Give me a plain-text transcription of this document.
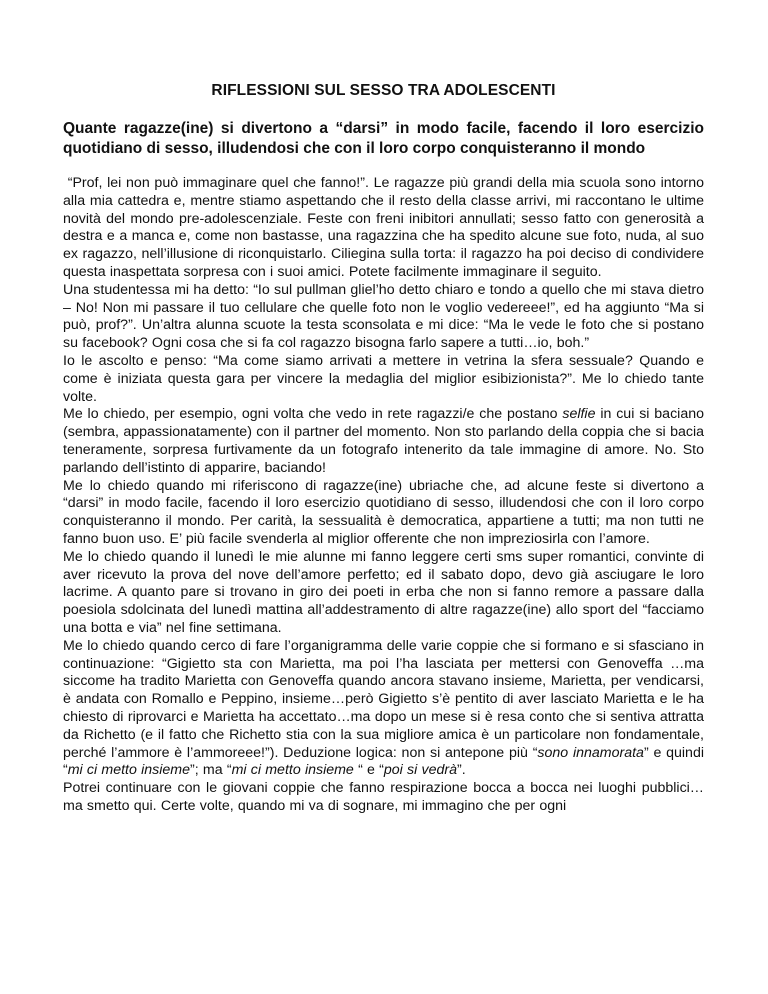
RIFLESSIONI SUL SESSO TRA ADOLESCENTI
Quante ragazze(ine) si divertono a “darsi” in modo facile, facendo il loro esercizio quotidiano di sesso, illudendosi che con il loro corpo conquisteranno il mondo

“Prof, lei non può immaginare quel che fanno!”. Le ragazze più grandi della mia scuola sono intorno alla mia cattedra e, mentre stiamo aspettando che il resto della classe arrivi, mi raccontano le ultime novità del mondo pre-adolescenziale. Feste con freni inibitori annullati; sesso fatto con generosità a destra e a manca e, come non bastasse, una ragazzina che ha spedito alcune sue foto, nuda, al suo ex ragazzo, nell’illusione di riconquistarlo. Ciliegina sulla torta: il ragazzo ha poi deciso di condividere questa inaspettata sorpresa con i suoi amici. Potete facilmente immaginare il seguito.

Una studentessa mi ha detto: “Io sul pullman gliel’ho detto chiaro e tondo a quello che mi stava dietro – No! Non mi passare il tuo cellulare che quelle foto non le voglio vedereee!”, ed ha aggiunto “Ma si può, prof?”. Un’altra alunna scuote la testa sconsolata e mi dice: “Ma le vede le foto che si postano su facebook? Ogni cosa che si fa col ragazzo bisogna farlo sapere a tutti…io, boh.”

Io le ascolto e penso: “Ma come siamo arrivati a mettere in vetrina la sfera sessuale? Quando e come è iniziata questa gara per vincere la medaglia del miglior esibizionista?”. Me lo chiedo tante volte.

Me lo chiedo, per esempio, ogni volta che vedo in rete ragazzi/e che postano selfie in cui si baciano (sembra, appassionatamente) con il partner del momento. Non sto parlando della coppia che si bacia teneramente, sorpresa furtivamente da un fotografo intenerito da tale immagine di amore. No. Sto parlando dell’istinto di apparire, baciando!

Me lo chiedo quando mi riferiscono di ragazze(ine) ubriache che, ad alcune feste si divertono a “darsi” in modo facile, facendo il loro esercizio quotidiano di sesso, illudendosi che con il loro corpo conquisteranno il mondo. Per carità, la sessualità è democratica, appartiene a tutti; ma non tutti ne fanno buon uso. E’ più facile svenderla al miglior offerente che non impreziosirla con l’amore.

Me lo chiedo quando il lunedì le mie alunne mi fanno leggere certi sms super romantici, convinte di aver ricevuto la prova del nove dell’amore perfetto; ed il sabato dopo, devo già asciugare le loro lacrime. A quanto pare si trovano in giro dei poeti in erba che non si fanno remore a passare dalla poesiola sdolcinata del lunedì mattina all’addestramento di altre ragazze(ine) allo sport del “facciamo una botta e via” nel fine settimana.

Me lo chiedo quando cerco di fare l’organigramma delle varie coppie che si formano e si sfasciano in continuazione: “Gigietto sta con Marietta, ma poi l’ha lasciata per mettersi con Genoveffa …ma siccome ha tradito Marietta con Genoveffa quando ancora stavano insieme, Marietta, per vendicarsi, è andata con Romallo e Peppino, insieme…però Gigietto s’è pentito di aver lasciato Marietta e le ha chiesto di riprovarci e Marietta ha accettato…ma dopo un mese si è resa conto che si sentiva attratta da Richetto (e il fatto che Richetto stia con la sua migliore amica è un particolare non fondamentale, perché l’ammore è l’ammoreee!”). Deduzione logica: non si antepone più “sono innamorata” e quindi “mi ci metto insieme”; ma “mi ci metto insieme “ e “poi si vedrà”.

Potrei continuare con le giovani coppie che fanno respirazione bocca a bocca nei luoghi pubblici…ma smetto qui. Certe volte, quando mi va di sognare, mi immagino che per ogni
